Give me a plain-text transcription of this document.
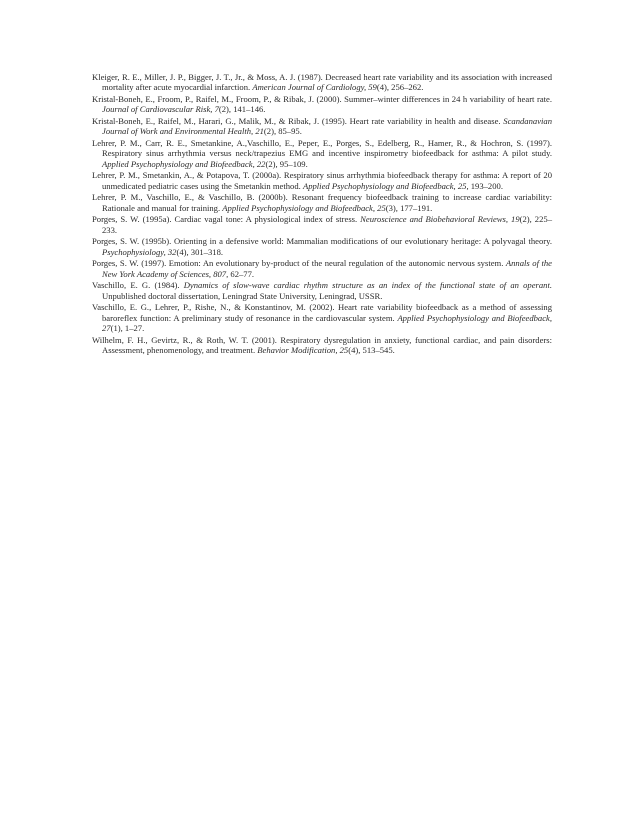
Kleiger, R. E., Miller, J. P., Bigger, J. T., Jr., & Moss, A. J. (1987). Decreased heart rate variability and its association with increased mortality after acute myocardial infarction. American Journal of Cardiology, 59(4), 256–262.

Kristal-Boneh, E., Froom, P., Raifel, M., Froom, P., & Ribak, J. (2000). Summer–winter differences in 24 h variability of heart rate. Journal of Cardiovascular Risk, 7(2), 141–146.

Kristal-Boneh, E., Raifel, M., Harari, G., Malik, M., & Ribak, J. (1995). Heart rate variability in health and disease. Scandanavian Journal of Work and Environmental Health, 21(2), 85–95.

Lehrer, P. M., Carr, R. E., Smetankine, A.,Vaschillo, E., Peper, E., Porges, S., Edelberg, R., Hamer, R., & Hochron, S. (1997). Respiratory sinus arrhythmia versus neck/trapezius EMG and incentive inspirometry biofeedback for asthma: A pilot study. Applied Psychophysiology and Biofeedback, 22(2), 95–109.

Lehrer, P. M., Smetankin, A., & Potapova, T. (2000a). Respiratory sinus arrhythmia biofeedback therapy for asthma: A report of 20 unmedicated pediatric cases using the Smetankin method. Applied Psychophysiology and Biofeedback, 25, 193–200.

Lehrer, P. M., Vaschillo, E., & Vaschillo, B. (2000b). Resonant frequency biofeedback training to increase cardiac variability: Rationale and manual for training. Applied Psychophysiology and Biofeedback, 25(3), 177–191.

Porges, S. W. (1995a). Cardiac vagal tone: A physiological index of stress. Neuroscience and Biobehavioral Reviews, 19(2), 225–233.

Porges, S. W. (1995b). Orienting in a defensive world: Mammalian modifications of our evolutionary heritage: A polyvagal theory. Psychophysiology, 32(4), 301–318.

Porges, S. W. (1997). Emotion: An evolutionary by-product of the neural regulation of the autonomic nervous system. Annals of the New York Academy of Sciences, 807, 62–77.

Vaschillo, E. G. (1984). Dynamics of slow-wave cardiac rhythm structure as an index of the functional state of an operant. Unpublished doctoral dissertation, Leningrad State University, Leningrad, USSR.

Vaschillo, E. G., Lehrer, P., Rishe, N., & Konstantinov, M. (2002). Heart rate variability biofeedback as a method of assessing baroreflex function: A preliminary study of resonance in the cardiovascular system. Applied Psychophysiology and Biofeedback, 27(1), 1–27.

Wilhelm, F. H., Gevirtz, R., & Roth, W. T. (2001). Respiratory dysregulation in anxiety, functional cardiac, and pain disorders: Assessment, phenomenology, and treatment. Behavior Modification, 25(4), 513–545.
